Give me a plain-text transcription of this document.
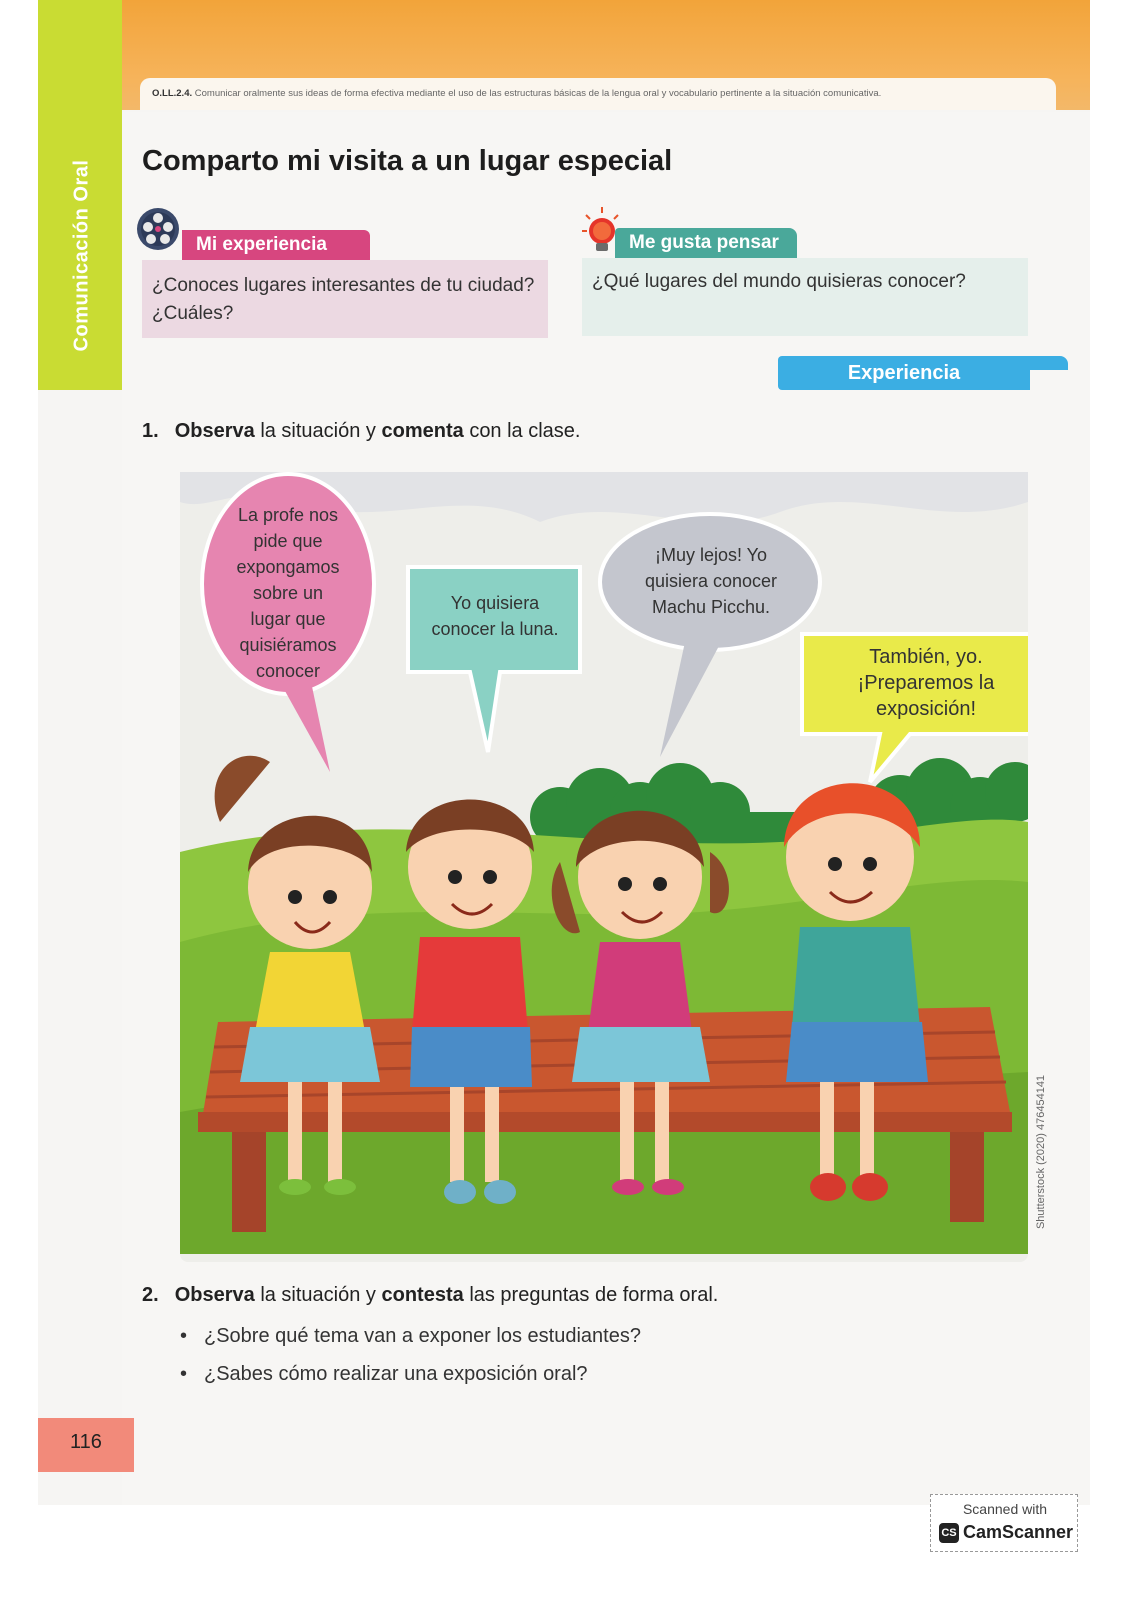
Comunicación Oral
O.LL.2.4. Comunicar oralmente sus ideas de forma efectiva mediante el uso de las estructuras básicas de la lengua oral y vocabulario pertinente a la situación comunicativa.
Comparto mi visita a un lugar especial
Mi experiencia
¿Conoces lugares interesantes de tu ciudad? ¿Cuáles?
Me gusta pensar
¿Qué lugares del mundo quisieras conocer?
Experiencia
1. Observa la situación y comenta con la clase.
La profe nos
pide que
expongamos
sobre un
lugar que
quisiéramos
conocer
Yo quisiera
conocer la luna.
¡Muy lejos! Yo
quisiera conocer
Machu Picchu.
También, yo.
¡Preparemos la
exposición!
Shutterstock (2020) 476454141
2. Observa la situación y contesta las preguntas de forma oral.
• ¿Sobre qué tema van a exponer los estudiantes?
• ¿Sabes cómo realizar una exposición oral?
116
Scanned with
CS CamScanner
